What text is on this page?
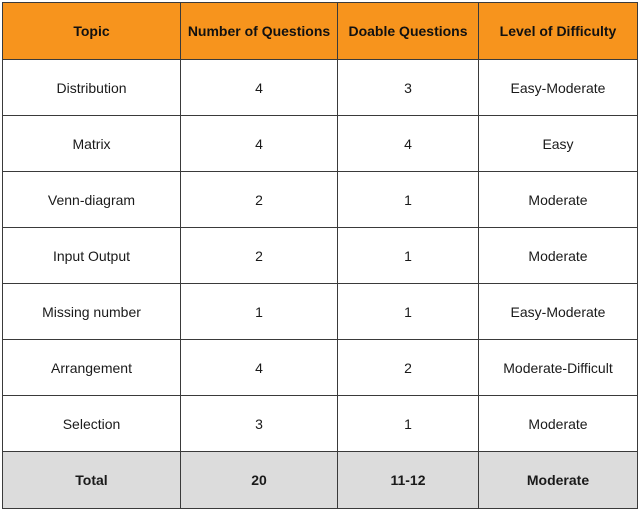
Topic	Number of Questions	Doable Questions	Level of Difficulty
Distribution	4	3	Easy-Moderate
Matrix	4	4	Easy
Venn-diagram	2	1	Moderate
Input Output	2	1	Moderate
Missing number	1	1	Easy-Moderate
Arrangement	4	2	Moderate-Difficult
Selection	3	1	Moderate
Total	20	11-12	Moderate
